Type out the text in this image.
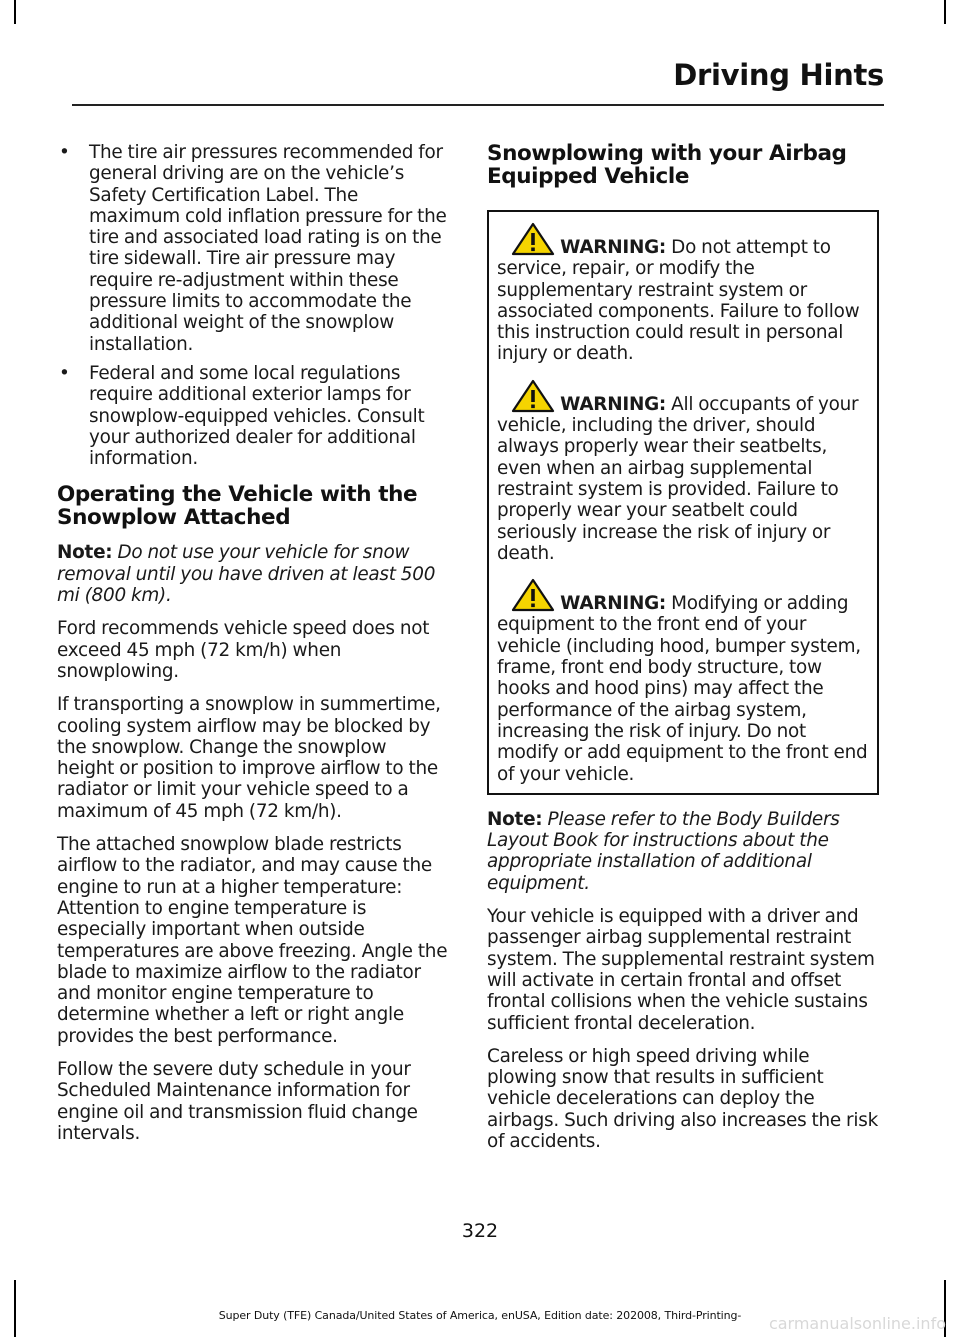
Driving Hints
• The tire air pressures recommended for general driving are on the vehicle’s Safety Certification Label. The maximum cold inflation pressure for the tire and associated load rating is on the tire sidewall. Tire air pressure may require re-adjustment within these pressure limits to accommodate the additional weight of the snowplow installation.
• Federal and some local regulations require additional exterior lamps for snowplow-equipped vehicles. Consult your authorized dealer for additional information.
Operating the Vehicle with the Snowplow Attached

Note: Do not use your vehicle for snow removal until you have driven at least 500 mi (800 km).

Ford recommends vehicle speed does not exceed 45 mph (72 km/h) when snowplowing.

If transporting a snowplow in summertime, cooling system airflow may be blocked by the snowplow. Change the snowplow height or position to improve airflow to the radiator or limit your vehicle speed to a maximum of 45 mph (72 km/h).

The attached snowplow blade restricts airflow to the radiator, and may cause the engine to run at a higher temperature: Attention to engine temperature is especially important when outside temperatures are above freezing. Angle the blade to maximize airflow to the radiator and monitor engine temperature to determine whether a left or right angle provides the best performance.

Follow the severe duty schedule in your Scheduled Maintenance information for engine oil and transmission fluid change intervals.

Snowplowing with your Airbag Equipped Vehicle
WARNING: Do not attempt to service, repair, or modify the supplementary restraint system or associated components. Failure to follow this instruction could result in personal injury or death.
WARNING: All occupants of your vehicle, including the driver, should always properly wear their seatbelts, even when an airbag supplemental restraint system is provided. Failure to properly wear your seatbelt could seriously increase the risk of injury or death.
WARNING: Modifying or adding equipment to the front end of your vehicle (including hood, bumper system, frame, front end body structure, tow hooks and hood pins) may affect the performance of the airbag system, increasing the risk of injury. Do not modify or add equipment to the front end of your vehicle.

Note: Please refer to the Body Builders Layout Book for instructions about the appropriate installation of additional equipment.

Your vehicle is equipped with a driver and passenger airbag supplemental restraint system. The supplemental restraint system will activate in certain frontal and offset frontal collisions when the vehicle sustains sufficient frontal deceleration.

Careless or high speed driving while plowing snow that results in sufficient vehicle decelerations can deploy the airbags. Such driving also increases the risk of accidents.

322
Super Duty (TFE) Canada/United States of America, enUSA, Edition date: 202008, Third-Printing-	carmanualsonline.info
